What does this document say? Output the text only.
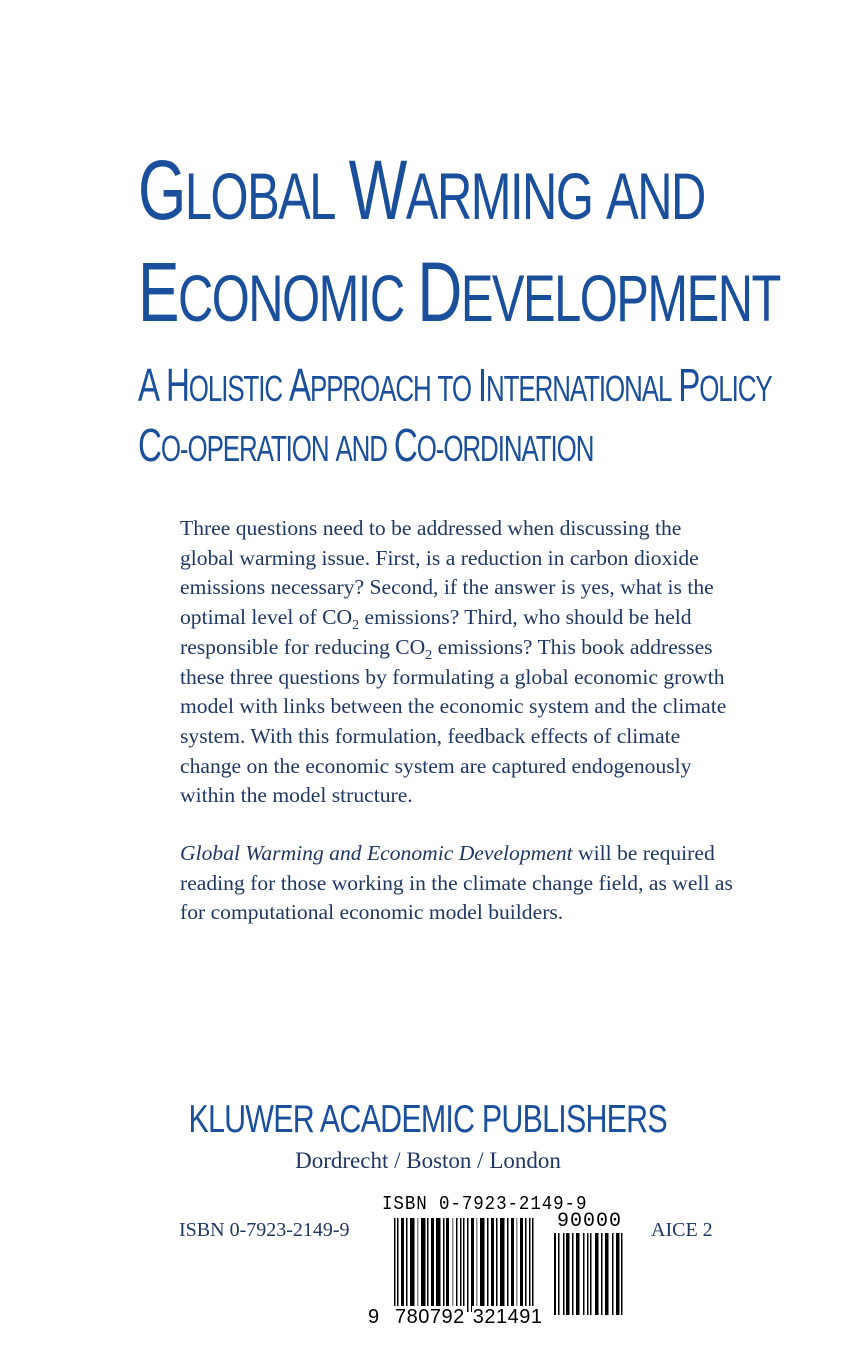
GLOBAL WARMING AND
ECONOMIC DEVELOPMENT
A HOLISTIC APPROACH TO INTERNATIONAL POLICY
CO-OPERATION AND CO-ORDINATION

Three questions need to be addressed when discussing the global warming issue. First, is a reduction in carbon dioxide emissions necessary? Second, if the answer is yes, what is the optimal level of $CO_2$ emissions? Third, who should be held responsible for reducing $CO_2$ emissions? This book addresses these three questions by formulating a global economic growth model with links between the economic system and the climate system. With this formulation, feedback effects of climate change on the economic system are captured endogenously within the model structure.

Global Warming and Economic Development will be required reading for those working in the climate change field, as well as for computational economic model builders.

KLUWER ACADEMIC PUBLISHERS
Dordrecht / Boston / London
ISBN 0-7923-2149-9	AICE 2
ISBN 0-7923-2149-9
90000
9 780792 321491
